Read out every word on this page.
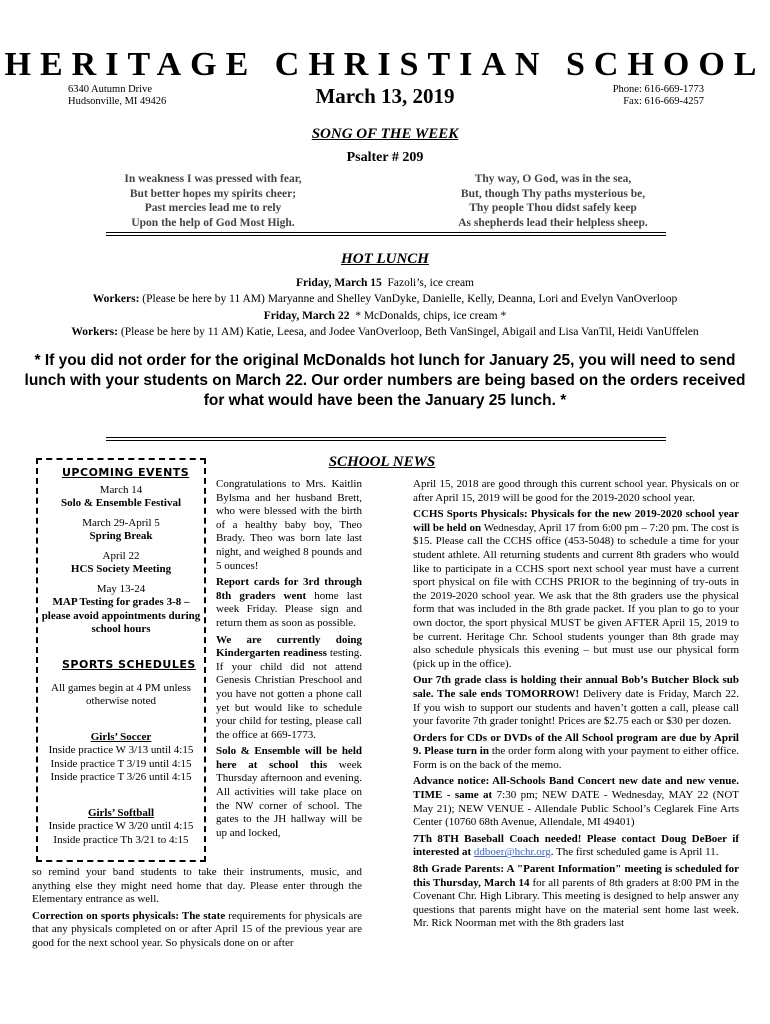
HERITAGE CHRISTIAN SCHOOL
6340 Autumn Drive
Hudsonville, MI 49426	March 13, 2019	Phone: 616-669-1773
Fax: 616-669-4257
SONG OF THE WEEK
Psalter # 209
In weakness I was pressed with fear,
But better hopes my spirits cheer;
Past mercies lead me to rely
Upon the help of God Most High.
Thy way, O God, was in the sea,
But, though Thy paths mysterious be,
Thy people Thou didst safely keep
As shepherds lead their helpless sheep.
HOT LUNCH
Friday, March 15 Fazoli’s, ice cream
Workers: (Please be here by 11 AM) Maryanne and Shelley VanDyke, Danielle, Kelly, Deanna, Lori and Evelyn VanOverloop
Friday, March 22 * McDonalds, chips, ice cream *
Workers: (Please be here by 11 AM) Katie, Leesa, and Jodee VanOverloop, Beth VanSingel, Abigail and Lisa VanTil, Heidi VanUffelen
* If you did not order for the original McDonalds hot lunch for January 25, you will need to send lunch with your students on March 22. Our order numbers are being based on the orders received for what would have been the January 25 lunch. *
SCHOOL NEWS
UPCOMING EVENTS
March 14
Solo & Ensemble Festival
March 29-April 5
Spring Break
April 22
HCS Society Meeting
May 13-24
MAP Testing for grades 3-8 – please avoid appointments during school hours
SPORTS SCHEDULES
All games begin at 4 PM unless otherwise noted
Girls’ Soccer
Inside practice W 3/13 until 4:15
Inside practice T 3/19 until 4:15
Inside practice T 3/26 until 4:15
Girls’ Softball
Inside practice W 3/20 until 4:15
Inside practice Th 3/21 to 4:15

Congratulations to Mrs. Kaitlin Bylsma and her husband Brett, who were blessed with the birth of a healthy baby boy, Theo Brady. Theo was born late last night, and weighed 8 pounds and 5 ounces!

Report cards for 3rd through 8th graders went home last week Friday. Please sign and return them as soon as possible.

We are currently doing Kindergarten readiness testing. If your child did not attend Genesis Christian Preschool and you have not gotten a phone call yet but would like to schedule your child for testing, please call the office at 669-1773.

Solo & Ensemble will be held here at school this week Thursday afternoon and evening. All activities will take place on the NW corner of school. The gates to the JH hallway will be up and locked,

so remind your band students to take their instruments, music, and anything else they might need home that day. Please enter through the Elementary entrance as well.

Correction on sports physicals: The state requirements for physicals are that any physicals completed on or after April 15 of the previous year are good for the next school year. So physicals done on or after

April 15, 2018 are good through this current school year. Physicals on or after April 15, 2019 will be good for the 2019-2020 school year.

CCHS Sports Physicals: Physicals for the new 2019-2020 school year will be held on Wednesday, April 17 from 6:00 pm – 7:20 pm. The cost is $15. Please call the CCHS office (453-5048) to schedule a time for your student athlete. All returning students and current 8th graders who would like to participate in a CCHS sport next school year must have a current sport physical on file with CCHS PRIOR to the beginning of try-outs in the 2019-2020 school year. We ask that the 8th graders use the physical form that was included in the 8th grade packet. If you plan to go to your own doctor, the sport physical MUST be given AFTER April 15, 2019 to be current. Heritage Chr. School students younger than 8th grade may also schedule physicals this evening – but must use our physical form (pick up in the office).

Our 7th grade class is holding their annual Bob’s Butcher Block sub sale. The sale ends TOMORROW! Delivery date is Friday, March 22. If you wish to support our students and haven’t gotten a call, please call your favorite 7th grader tonight! Prices are $2.75 each or $30 per dozen.

Orders for CDs or DVDs of the All School program are due by April 9. Please turn in the order form along with your payment to either office. Form is on the back of the memo.

Advance notice: All-Schools Band Concert new date and new venue. TIME - same at 7:30 pm; NEW DATE - Wednesday, MAY 22 (NOT May 21); NEW VENUE - Allendale Public School’s Ceglarek Fine Arts Center (10760 68th Avenue, Allendale, MI 49401)

7Th 8TH Baseball Coach needed! Please contact Doug DeBoer if interested at ddboer@hchr.org. The first scheduled game is April 11.

8th Grade Parents: A "Parent Information" meeting is scheduled for this Thursday, March 14 for all parents of 8th graders at 8:00 PM in the Covenant Chr. High Library. This meeting is designed to help answer any questions that parents might have on the material sent home last week. Mr. Rick Noorman met with the 8th graders last
